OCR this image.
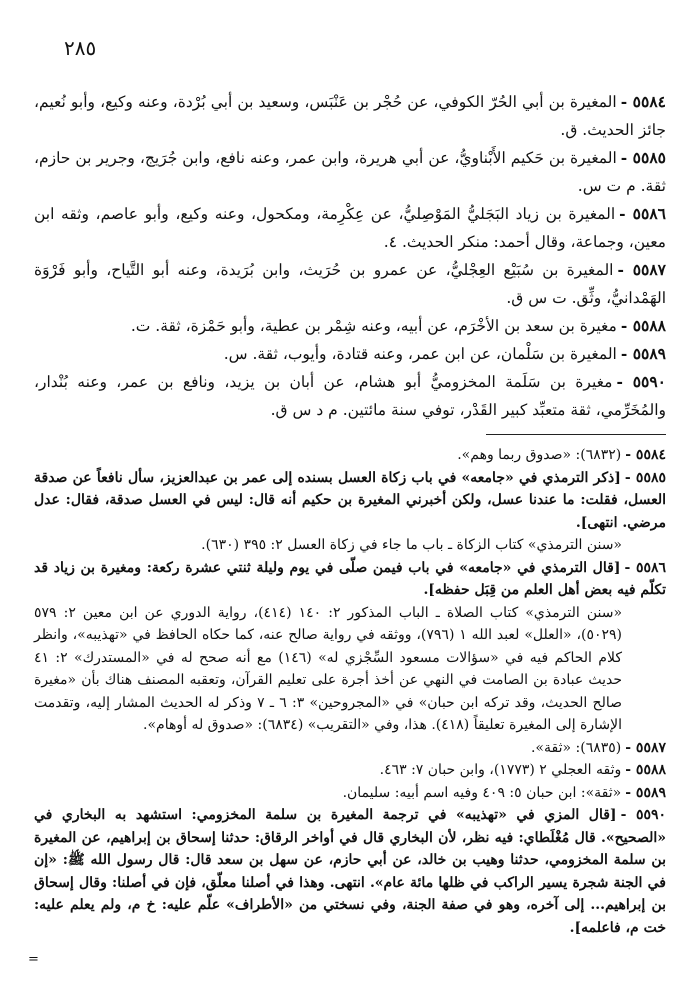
٢٨٥

٥٥٨٤ -المغيرة بن أبي الحُرّ الكوفي، عن حُجْر بن عَنْبَس، وسعيد بن أبي بُرْدة، وعنه وكيع، وأبو نُعيم، جائز الحديث. ق.

٥٥٨٥ -المغيرة بن حَكيم الأَبْناويُّ، عن أبي هريرة، وابن عمر، وعنه نافع، وابن جُرَيج، وجرير بن حازم، ثقة. م ت س.

٥٥٨٦ -المغيرة بن زياد البَجَليُّ المَوْصِليُّ، عن عِكْرِمة، ومكحول، وعنه وكيع، وأبو عاصم، وثقه ابن معين، وجماعة، وقال أحمد: منكر الحديث. ٤.

٥٥٨٧ -المغيرة بن سُبَيْع العِجْليُّ، عن عمرو بن حُرَيث، وابن بُرَيدة، وعنه أبو التَّياح، وأبو فَرْوَة الهَمْدانيُّ، وثِّق. ت س ق.

٥٥٨٨ -مغيرة بن سعد بن الأخْرَم، عن أبيه، وعنه شِمْر بن عطية، وأبو حَمْزة، ثقة. ت.

٥٥٨٩ -المغيرة بن سَلْمان، عن ابن عمر، وعنه قتادة، وأيوب، ثقة. س.

٥٥٩٠ -مغيرة بن سَلَمة المخزوميُّ أبو هشام، عن أبان بن يزيد، ونافع بن عمر، وعنه بُنْدار، والمُخَرِّمي، ثقة متعبِّد كبير القَدْر، توفي سنة مائتين. م د س ق.

٥٥٨٤ -(٦٨٣٢): «صدوق ربما وهم».

٥٥٨٥ -[ذكر الترمذي في «جامعه» في باب زكاة العسل بسنده إلى عمر بن عبدالعزيز، سأل نافعاً عن صدقة العسل، فقلت: ما عندنا عسل، ولكن أخبرني المغيرة بن حكيم أنه قال: ليس في العسل صدقة، فقال: عدل مرضي. انتهى].

«سنن الترمذي» كتاب الزكاة ـ باب ما جاء في زكاة العسل ٢: ٣٩٥ (٦٣٠).

٥٥٨٦ -[قال الترمذي في «جامعه» في باب فيمن صلّى في يوم وليلة ثنتي عشرة ركعة: ومغيرة بن زياد قد تكلّم فيه بعض أهل العلم من قِبَل حفظه].

«سنن الترمذي» كتاب الصلاة ـ الباب المذكور ٢: ١٤٠ (٤١٤)، رواية الدوري عن ابن معين ٢: ٥٧٩ (٥٠٢٩)، «العلل» لعبد الله ١ (٧٩٦)، ووثقه في رواية صالح عنه، كما حكاه الحافظ في «تهذيبه»، وانظر كلام الحاكم فيه في «سؤالات مسعود السِّجْزي له» (١٤٦) مع أنه صحح له في «المستدرك» ٢: ٤١ حديث عبادة بن الصامت في النهي عن أخذ أجرة على تعليم القرآن، وتعقبه المصنف هناك بأن «مغيرة صالح الحديث، وقد تركه ابن حبان» في «المجروحين» ٣: ٦ ـ ٧ وذكر له الحديث المشار إليه، وتقدمت الإشارة إلى المغيرة تعليقاً (٤١٨). هذا، وفي «التقريب» (٦٨٣٤): «صدوق له أوهام».

٥٥٨٧ -(٦٨٣٥): «ثقة».

٥٥٨٨ -وثقه العجلي ٢ (١٧٧٣)، وابن حبان ٧: ٤٦٣.

٥٥٨٩ -«ثقة»: ابن حبان ٥: ٤٠٩ وفيه اسم أبيه: سليمان.

٥٥٩٠ -[قال المزي في «تهذيبه» في ترجمة المغيرة بن سلمة المخزومي: استشهد به البخاري في «الصحيح». قال مُغْلَطاي: فيه نظر، لأن البخاري قال في أواخر الرقاق: حدثنا إسحاق بن إبراهيم، عن المغيرة بن سلمة المخزومي، حدثنا وهيب بن خالد، عن أبي حازم، عن سهل بن سعد قال: قال رسول الله ﷺ: «إن في الجنة شجرة يسير الراكب في ظلها مائة عام». انتهى. وهذا في أصلنا معلّق، فإن في أصلنا: وقال إسحاق بن إبراهيم... إلى آخره، وهو في صفة الجنة، وفي نسختي من «الأطراف» علّم عليه: خ م، ولم يعلم عليه: خت م، فاعلمه].

=
